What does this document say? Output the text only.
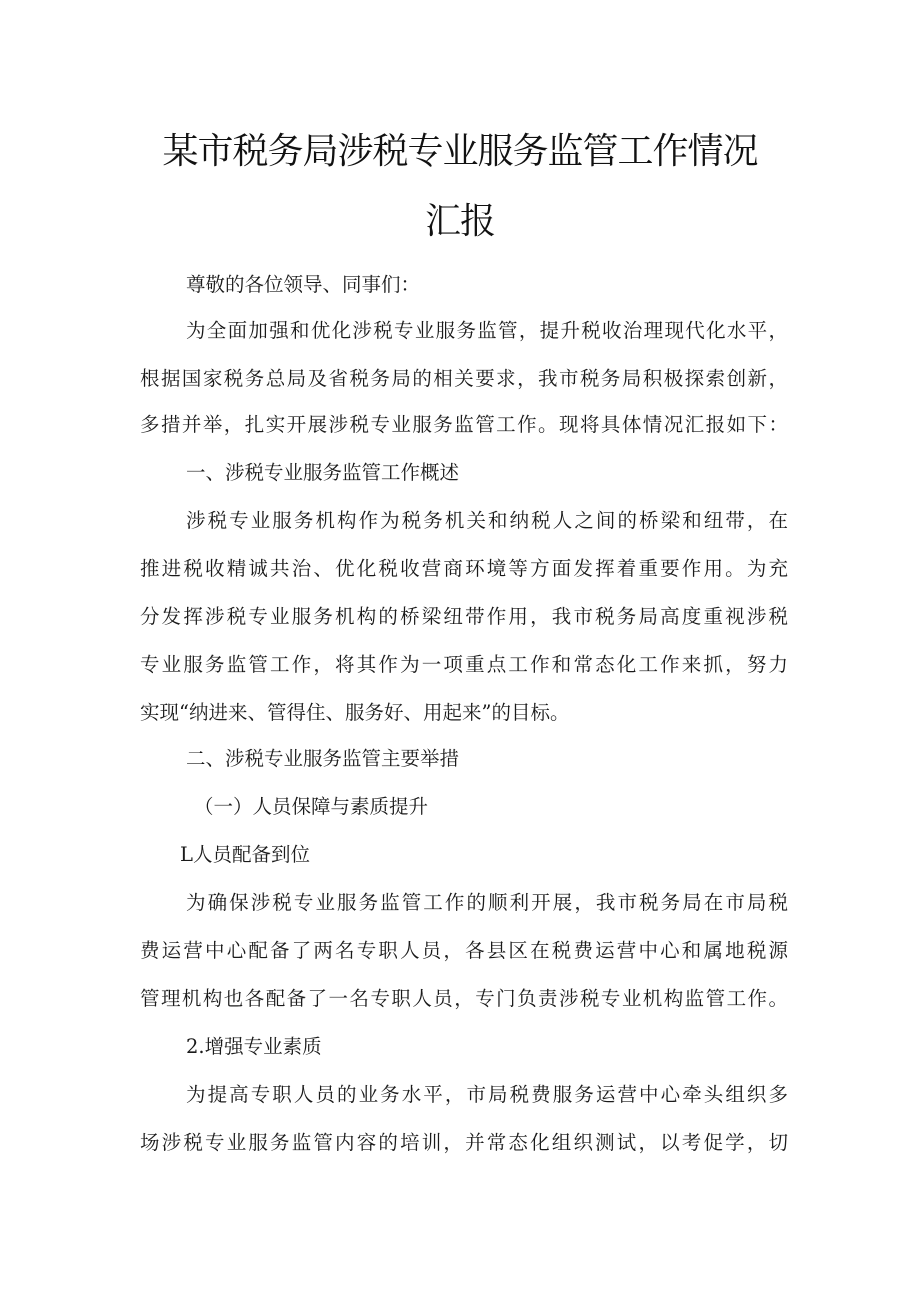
某市税务局涉税专业服务监管工作情况
汇报
尊敬的各位领导、同事们：
为全面加强和优化涉税专业服务监管，提升税收治理现代化水平，
根据国家税务总局及省税务局的相关要求，我市税务局积极探索创新，
多措并举，扎实开展涉税专业服务监管工作。现将具体情况汇报如下：
一、涉税专业服务监管工作概述
涉税专业服务机构作为税务机关和纳税人之间的桥梁和纽带，在
推进税收精诚共治、优化税收营商环境等方面发挥着重要作用。为充
分发挥涉税专业服务机构的桥梁纽带作用，我市税务局高度重视涉税
专业服务监管工作，将其作为一项重点工作和常态化工作来抓，努力
实现“纳进来、管得住、服务好、用起来”的目标。
二、涉税专业服务监管主要举措
（一）人员保障与素质提升
L人员配备到位
为确保涉税专业服务监管工作的顺利开展，我市税务局在市局税
费运营中心配备了两名专职人员，各县区在税费运营中心和属地税源
管理机构也各配备了一名专职人员，专门负责涉税专业机构监管工作。
2.增强专业素质
为提高专职人员的业务水平，市局税费服务运营中心牵头组织多
场涉税专业服务监管内容的培训，并常态化组织测试，以考促学，切
